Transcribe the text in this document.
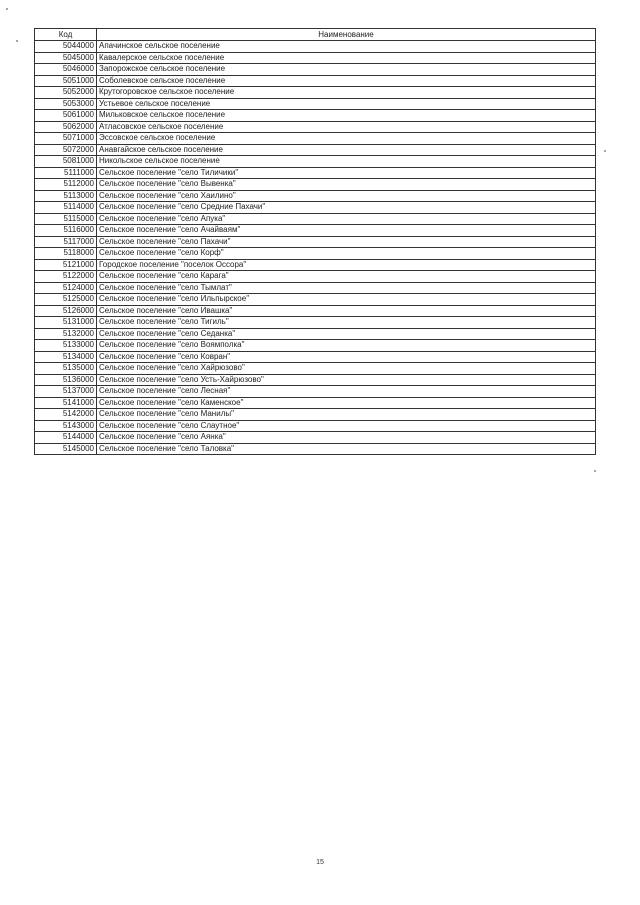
Код	Наименование
5044000	Апачинское сельское поселение
5045000	Кавалерское сельское поселение
5046000	Запорожское сельское поселение
5051000	Соболевское сельское поселение
5052000	Крутогоровское сельское поселение
5053000	Устьевое сельское поселение
5061000	Мильковское сельское поселение
5062000	Атласовское сельское поселение
5071000	Эссовское сельское поселение
5072000	Анавгайское сельское поселение
5081000	Никольское сельское поселение
5111000	Сельское поселение "село Тиличики"
5112000	Сельское поселение "село Вывенка"
5113000	Сельское поселение "село Хаилино"
5114000	Сельское поселение "село Средние Пахачи"
5115000	Сельское поселение "село Апука"
5116000	Сельское поселение "село Ачайваям"
5117000	Сельское поселение "село Пахачи"
5118000	Сельское поселение "село Корф"
5121000	Городское поселение "поселок Оссора"
5122000	Сельское поселение "село Карага"
5124000	Сельское поселение "село Тымлат"
5125000	Сельское поселение "село Ильпырское"
5126000	Сельское поселение "село Ивашка"
5131000	Сельское поселение "село Тигиль"
5132000	Сельское поселение "село Седанка"
5133000	Сельское поселение "село Воямполка"
5134000	Сельское поселение "село Ковран"
5135000	Сельское поселение "село Хайрюзово"
5136000	Сельское поселение "село Усть-Хайрюзово"
5137000	Сельское поселение "село Лесная"
5141000	Сельское поселение "село Каменское"
5142000	Сельское поселение "село Манилы"
5143000	Сельское поселение "село Слаутное"
5144000	Сельское поселение "село Аянка"
5145000	Сельское поселение "село Таловка"
15
